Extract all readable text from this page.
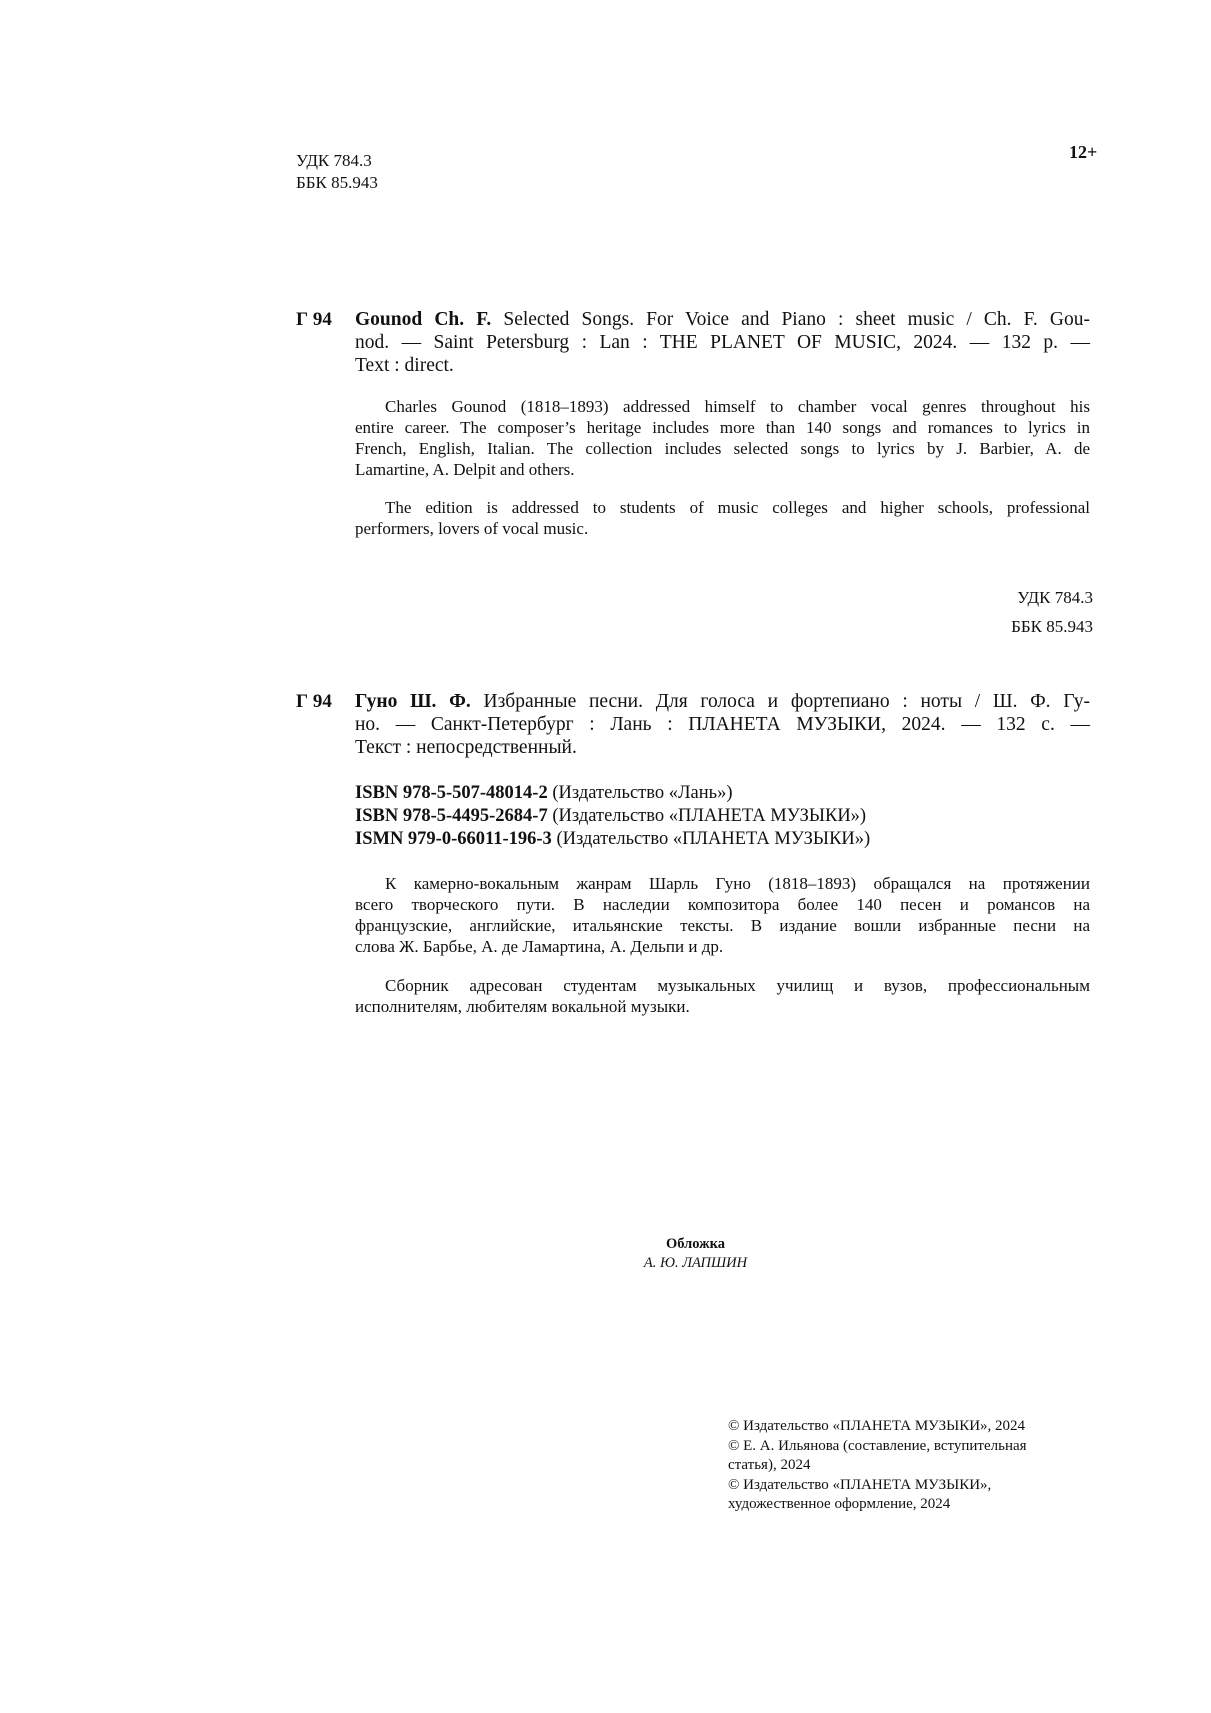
УДК 784.3
ББК 85.943
12+
Г 94 Gounod Ch. F. Selected Songs. For Voice and Piano : sheet music / Ch. F. Gou-
nod. — Saint Petersburg : Lan : THE PLANET OF MUSIC, 2024. — 132 p. —
Text : direct.
Charles Gounod (1818–1893) addressed himself to chamber vocal genres throughout his
entire career. The composer’s heritage includes more than 140 songs and romances to lyrics in
French, English, Italian. The collection includes selected songs to lyrics by J. Barbier, A. de
Lamartine, A. Delpit and others.
The edition is addressed to students of music colleges and higher schools, professional
performers, lovers of vocal music.
УДК 784.3
ББК 85.943
Г 94 Гуно Ш. Ф. Избранные песни. Для голоса и фортепиано : ноты / Ш. Ф. Гу-
но. — Санкт-Петербург : Лань : ПЛАНЕТА МУЗЫКИ, 2024. — 132 с. —
Текст : непосредственный.
ISBN 978-5-507-48014-2 (Издательство «Лань»)
ISBN 978-5-4495-2684-7 (Издательство «ПЛАНЕТА МУЗЫКИ»)
ISMN 979-0-66011-196-3 (Издательство «ПЛАНЕТА МУЗЫКИ»)
К камерно-вокальным жанрам Шарль Гуно (1818–1893) обращался на протяжении
всего творческого пути. В наследии композитора более 140 песен и романсов на
французские, английские, итальянские тексты. В издание вошли избранные песни на
слова Ж. Барбье, А. де Ламартина, А. Дельпи и др.
Сборник адресован студентам музыкальных училищ и вузов, профессиональным
исполнителям, любителям вокальной музыки.
Обложка
А. Ю. ЛАПШИН
© Издательство «ПЛАНЕТА МУЗЫКИ», 2024
© Е. А. Ильянова (составление, вступительная
статья), 2024
© Издательство «ПЛАНЕТА МУЗЫКИ»,
художественное оформление, 2024
